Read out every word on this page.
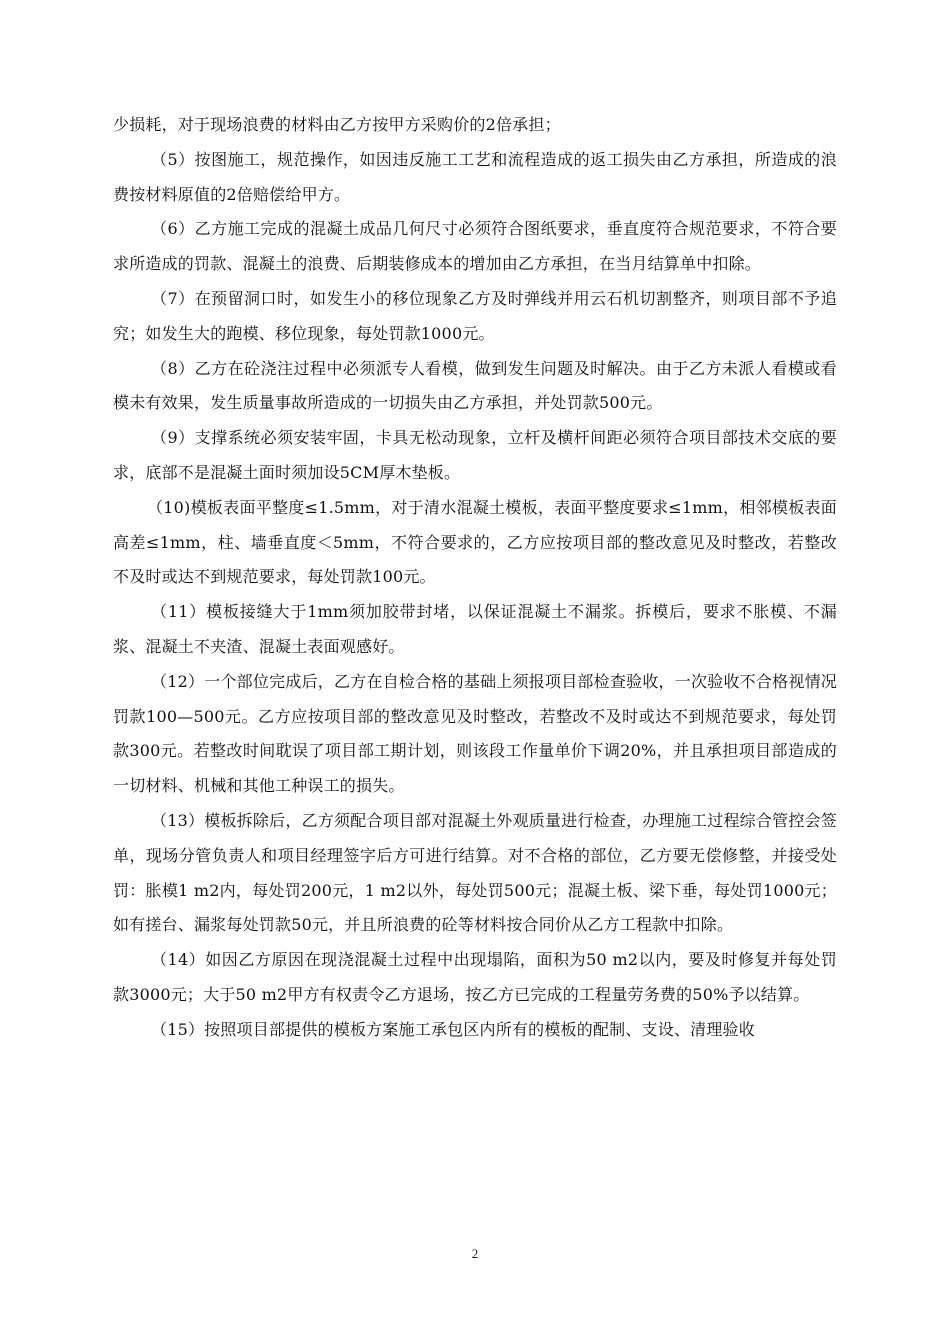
少损耗，对于现场浪费的材料由乙方按甲方采购价的2倍承担；

（5）按图施工，规范操作，如因违反施工工艺和流程造成的返工损失由乙方承担，所造成的浪费按材料原值的2倍赔偿给甲方。

（6）乙方施工完成的混凝土成品几何尺寸必须符合图纸要求，垂直度符合规范要求，不符合要求所造成的罚款、混凝土的浪费、后期装修成本的增加由乙方承担，在当月结算单中扣除。

（7）在预留洞口时，如发生小的移位现象乙方及时弹线并用云石机切割整齐，则项目部不予追究；如发生大的跑模、移位现象，每处罚款1000元。

（8）乙方在砼浇注过程中必须派专人看模，做到发生问题及时解决。由于乙方未派人看模或看模未有效果，发生质量事故所造成的一切损失由乙方承担，并处罚款500元。

（9）支撑系统必须安装牢固，卡具无松动现象，立杆及横杆间距必须符合项目部技术交底的要求，底部不是混凝土面时须加设5CM厚木垫板。

（10)模板表面平整度≤1.5mm，对于清水混凝土模板，表面平整度要求≤1mm，相邻模板表面高差≤1mm，柱、墙垂直度＜5mm，不符合要求的，乙方应按项目部的整改意见及时整改，若整改不及时或达不到规范要求，每处罚款100元。

（11）模板接缝大于1mm须加胶带封堵，以保证混凝土不漏浆。拆模后，要求不胀模、不漏浆、混凝土不夹渣、混凝土表面观感好。

（12）一个部位完成后，乙方在自检合格的基础上须报项目部检查验收，一次验收不合格视情况罚款100—500元。乙方应按项目部的整改意见及时整改，若整改不及时或达不到规范要求，每处罚款300元。若整改时间耽误了项目部工期计划，则该段工作量单价下调20%，并且承担项目部造成的一切材料、机械和其他工种误工的损失。

（13）模板拆除后，乙方须配合项目部对混凝土外观质量进行检查，办理施工过程综合管控会签单，现场分管负责人和项目经理签字后方可进行结算。对不合格的部位，乙方要无偿修整，并接受处罚：胀模1 m2内，每处罚200元，1 m2以外，每处罚500元；混凝土板、梁下垂，每处罚1000元；如有搓台、漏浆每处罚款50元，并且所浪费的砼等材料按合同价从乙方工程款中扣除。

（14）如因乙方原因在现浇混凝土过程中出现塌陷，面积为50 m2以内，要及时修复并每处罚款3000元；大于50 m2甲方有权责令乙方退场，按乙方已完成的工程量劳务费的50%予以结算。

（15）按照项目部提供的模板方案施工承包区内所有的模板的配制、支设、清理验收

2
